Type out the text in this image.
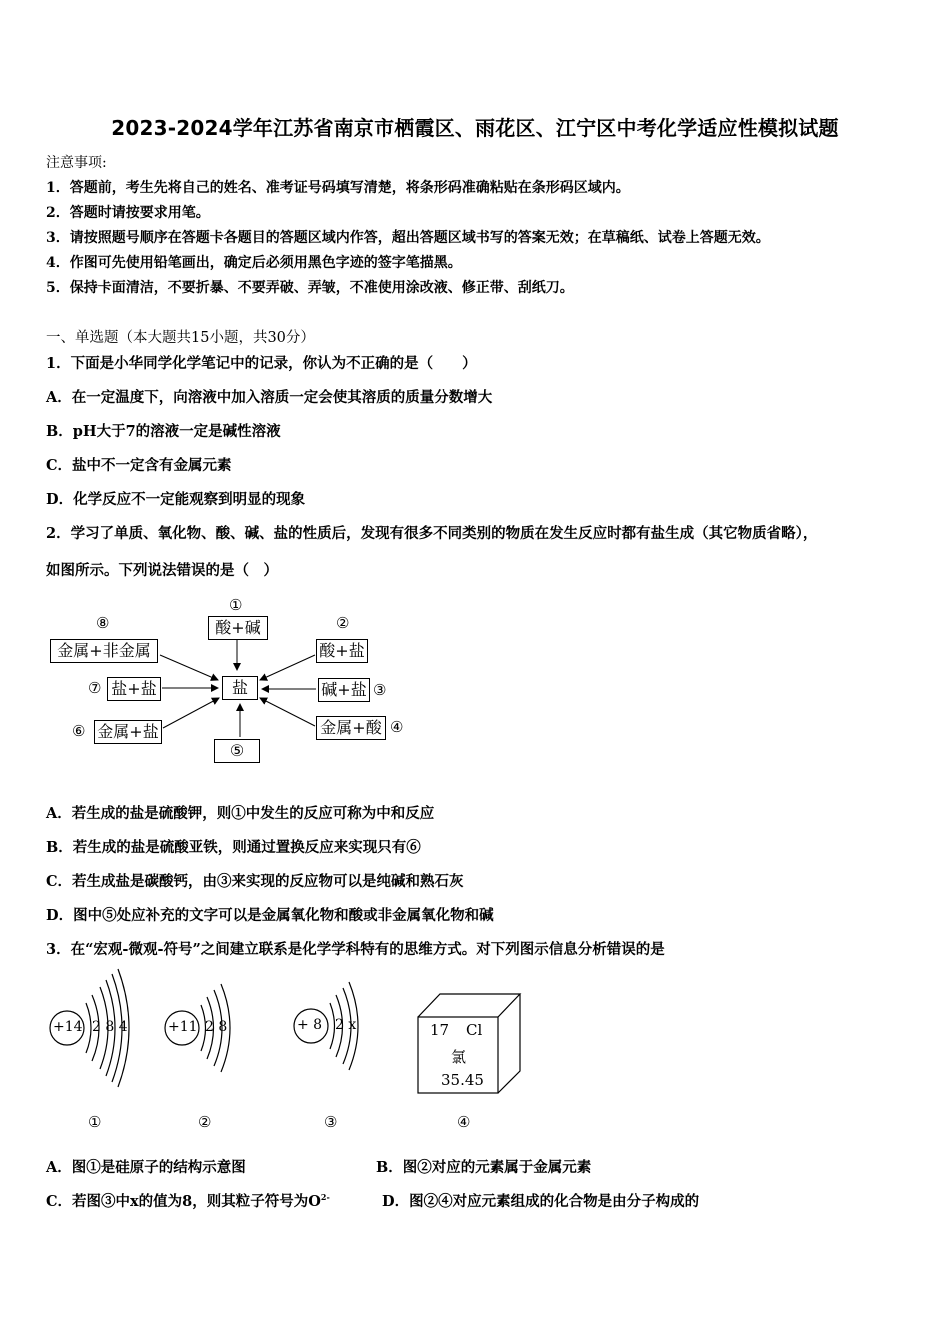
2023-2024学年江苏省南京市栖霞区、雨花区、江宁区中考化学适应性模拟试题
注意事项:
1．答题前，考生先将自己的姓名、准考证号码填写清楚，将条形码准确粘贴在条形码区域内。
2．答题时请按要求用笔。
3．请按照题号顺序在答题卡各题目的答题区域内作答，超出答题区域书写的答案无效；在草稿纸、试卷上答题无效。
4．作图可先使用铅笔画出，确定后必须用黑色字迹的签字笔描黑。
5．保持卡面清洁，不要折暴、不要弄破、弄皱，不准使用涂改液、修正带、刮纸刀。
一、单选题（本大题共15小题，共30分）
1．下面是小华同学化学笔记中的记录，你认为不正确的是（　　）
A．在一定温度下，向溶液中加入溶质一定会使其溶质的质量分数增大
B．pH大于7的溶液一定是碱性溶液
C．盐中不一定含有金属元素
D．化学反应不一定能观察到明显的现象
2．学习了单质、氧化物、酸、碱、盐的性质后，发现有很多不同类别的物质在发生反应时都有盐生成（其它物质省略），
如图所示。下列说法错误的是（　）
盐
①
酸+碱	②
酸+盐
碱+盐 ③
金属+酸 ④
⑤
⑥ 金属+盐
⑦ 盐+盐
⑧
金属+非金属
A．若生成的盐是硫酸钾，则①中发生的反应可称为中和反应
B．若生成的盐是硫酸亚铁，则通过置换反应来实现只有⑥
C．若生成盐是碳酸钙，由③来实现的反应物可以是纯碱和熟石灰
D．图中⑤处应补充的文字可以是金属氧化物和酸或非金属氧化物和碱
3．在“宏观-微观-符号”之间建立联系是化学学科特有的思维方式。对下列图示信息分析错误的是
+14 2 8 4	+11 2 8	+ 8 2 x	17 Cl
氯
35.45
①	②	③	④
A．图①是硅原子的结构示意图	B．图②对应的元素属于金属元素
C．若图③中x的值为8，则其粒子符号为$O^{2-}$	D．图②④对应元素组成的化合物是由分子构成的
